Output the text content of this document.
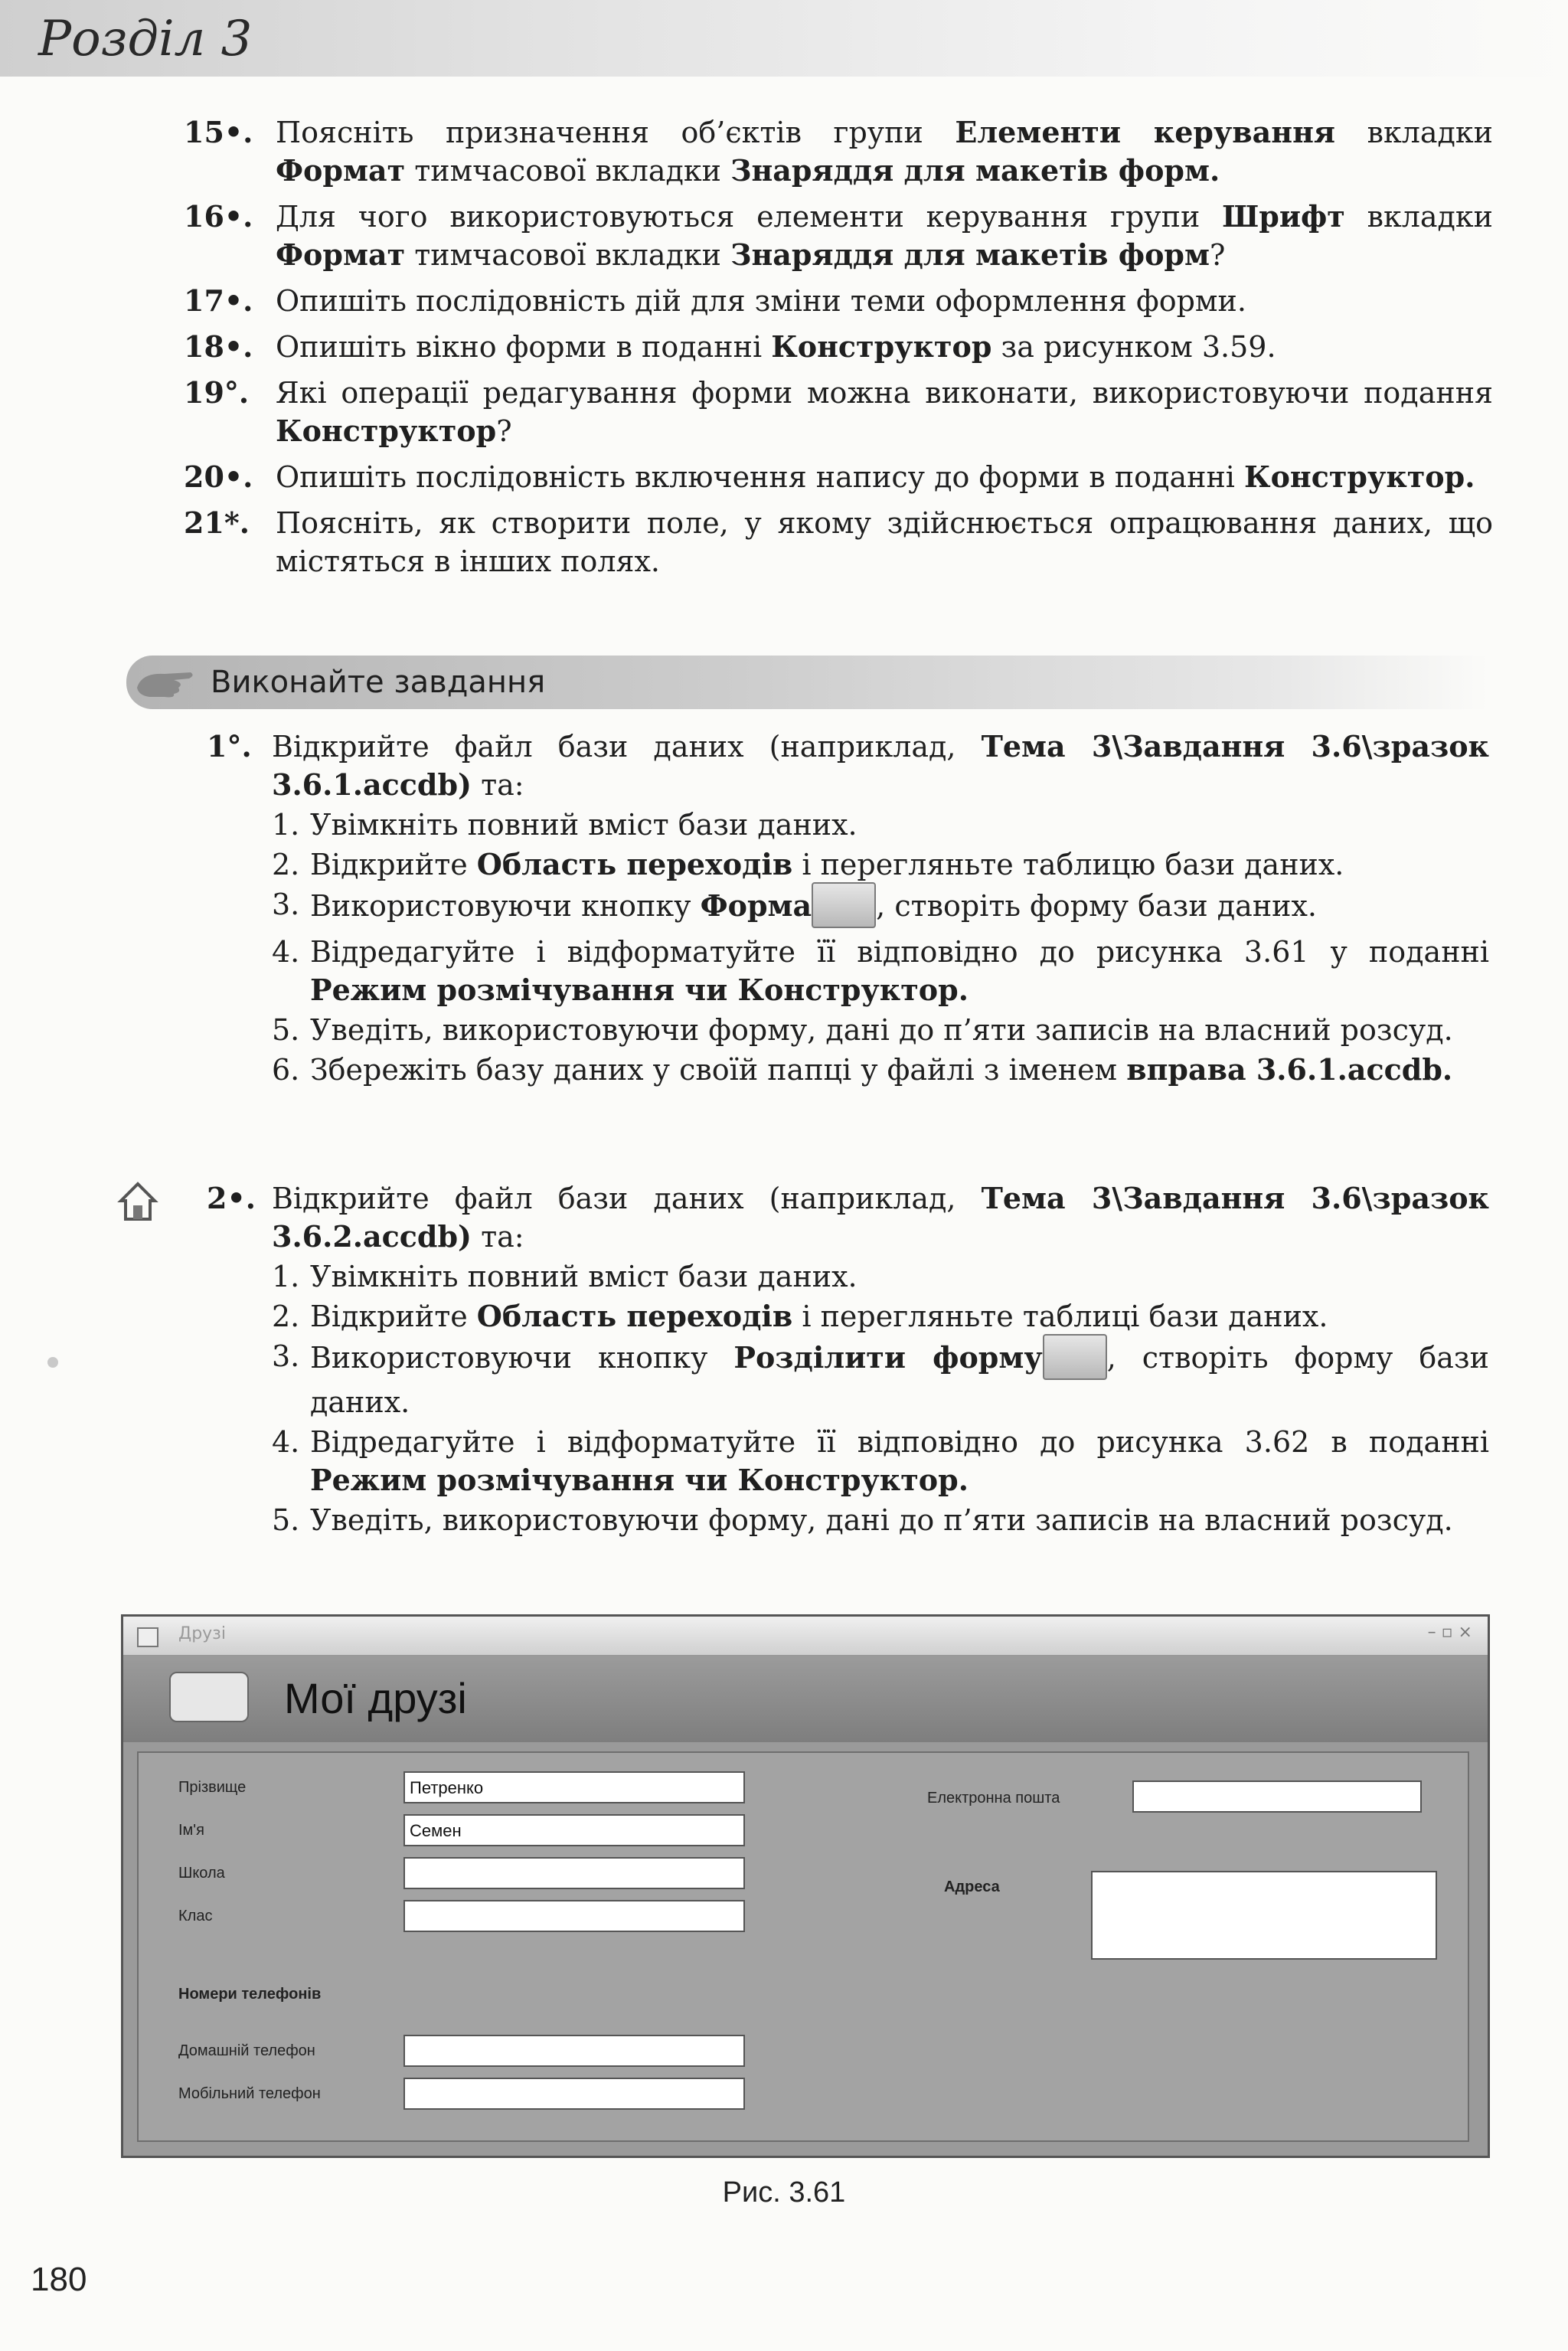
Розділ 3
15•. Поясніть призначення об’єктів групи Елементи керування вкладки Формат тимчасової вкладки Знаряддя для макетів форм.
16•. Для чого використовуються елементи керування групи Шрифт вкладки Формат тимчасової вкладки Знаряддя для макетів форм?
17•. Опишіть послідовність дій для зміни теми оформлення форми.
18•. Опишіть вікно форми в поданні Конструктор за рисунком 3.59.
19°. Які операції редагування форми можна виконати, використовуючи подання Конструктор?
20•. Опишіть послідовність включення напису до форми в поданні Конструктор.
21*. Поясніть, як створити поле, у якому здійснюється опрацювання даних, що містяться в інших полях.
Виконайте завдання
1°. Відкрийте файл бази даних (наприклад, Тема 3\Завдання 3.6\зразок 3.6.1.accdb) та:
1. Увімкніть повний вміст бази даних.
2. Відкрийте Область переходів і перегляньте таблицю бази даних.
3. Використовуючи кнопку Форма , створіть форму бази даних.
4. Відредагуйте і відформатуйте її відповідно до рисунка 3.61 у поданні Режим розмічування чи Конструктор.
5. Уведіть, використовуючи форму, дані до п’яти записів на власний розсуд.
6. Збережіть базу даних у своїй папці у файлі з іменем вправа 3.6.1.accdb.
2•. Відкрийте файл бази даних (наприклад, Тема 3\Завдання 3.6\зразок 3.6.2.accdb) та:
1. Увімкніть повний вміст бази даних.
2. Відкрийте Область переходів і перегляньте таблиці бази даних.
3. Використовуючи кнопку Розділити форму , створіть форму бази даних.
4. Відредагуйте і відформатуйте її відповідно до рисунка 3.62 в поданні Режим розмічування чи Конструктор.
5. Уведіть, використовуючи форму, дані до п’яти записів на власний розсуд.
Друзі	– ▫ ×
Мої друзі
Прізвище	Петренко
Ім'я	Семен
Школа
Клас
Номери телефонів
Домашній телефон
Мобільний телефон
Електронна пошта
Адреса
Рис. 3.61
180
